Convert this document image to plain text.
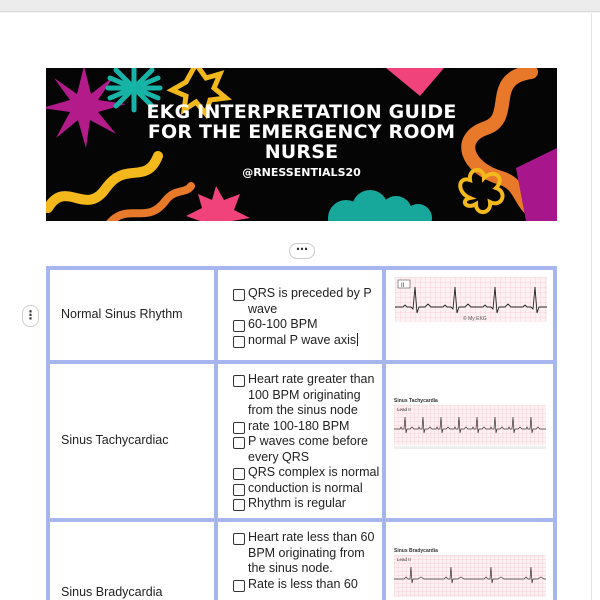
EKG INTERPRETATION GUIDE
FOR THE EMERGENCY ROOM
NURSE
@RNESSENTIALS20
⋯
⋮ Normal Sinus Rhythm
QRS is preceded by P wave
60-100 BPM
normal P wave axis
II
© My EKG
Sinus Tachycardiac
Heart rate greater than 100 BPM originating from the sinus node
rate 100-180 BPM
P waves come before every QRS
QRS complex is normal
conduction is normal
Rhythm is regular
Sinus Tachycardia
Lead II
Sinus Bradycardia
Heart rate less than 60 BPM originating from the sinus node.
Rate is less than 60
Sinus Bradycardia
Lead II
